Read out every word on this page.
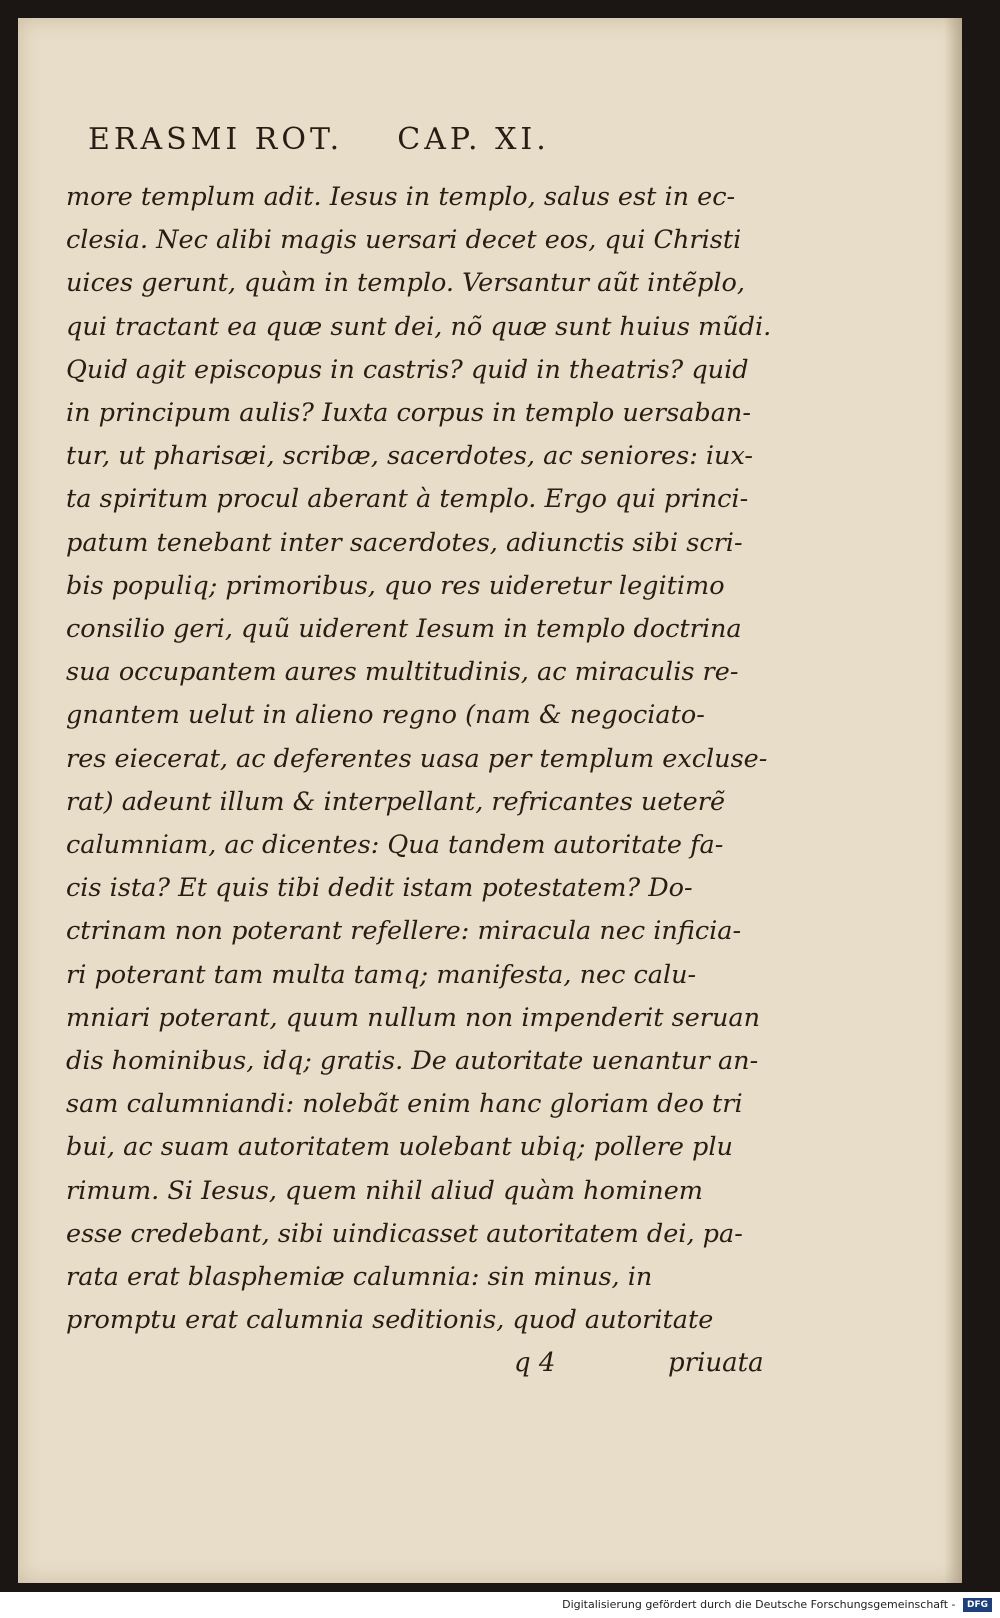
ERASMI ROT.    CAP. XI.
more templum adit. Iesus in templo, salus est in ec-
clesia. Nec alibi magis uersari decet eos, qui Christi
uices gerunt, quàm in templo. Versantur aũt intẽplo,
qui tractant ea quæ sunt dei, nõ quæ sunt huius mũdi.
Quid agit episcopus in castris? quid in theatris? quid
in principum aulis? Iuxta corpus in templo uersaban-
tur, ut pharisæi, scribæ, sacerdotes, ac seniores: iux-
ta spiritum procul aberant à templo. Ergo qui princi-
patum tenebant inter sacerdotes, adiunctis sibi scri-
bis populiq; primoribus, quo res uideretur legitimo
consilio geri, quũ uiderent Iesum in templo doctrina
sua occupantem aures multitudinis, ac miraculis re-
gnantem uelut in alieno regno (nam & negociato-
res eiecerat, ac deferentes uasa per templum excluse-
rat) adeunt illum & interpellant, refricantes ueterẽ
calumniam, ac dicentes: Qua tandem autoritate fa-
cis ista? Et quis tibi dedit istam potestatem? Do-
ctrinam non poterant refellere: miracula nec inficia-
ri poterant tam multa tamq; manifesta, nec calu-
mniari poterant, quum nullum non impenderit seruan
dis hominibus, idq; gratis. De autoritate uenantur an-
sam calumniandi: nolebãt enim hanc gloriam deo tri
bui, ac suam autoritatem uolebant ubiq; pollere plu
rimum. Si Iesus, quem nihil aliud quàm hominem
esse credebant, sibi uindicasset autoritatem dei, pa-
rata erat blasphemiæ calumnia: sin minus, in
promptu erat calumnia seditionis, quod autoritate
q 4	priuata
Digitalisierung gefördert durch die Deutsche Forschungsgemeinschaft - DFG
